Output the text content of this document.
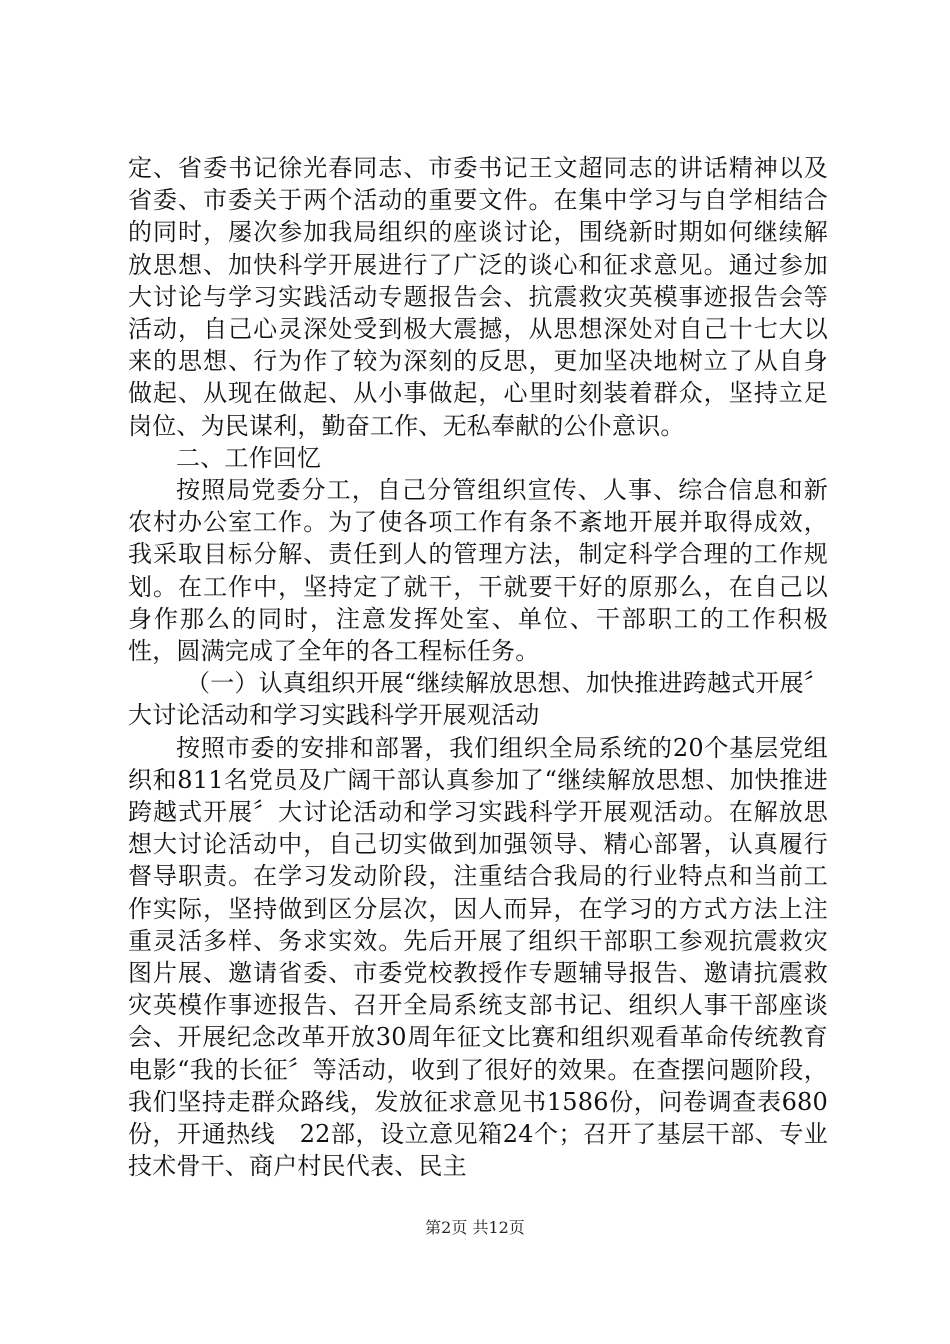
定、省委书记徐光春同志、市委书记王文超同志的讲话精神以及省委、市委关于两个活动的重要文件。在集中学习与自学相结合的同时，屡次参加我局组织的座谈讨论，围绕新时期如何继续解放思想、加快科学开展进行了广泛的谈心和征求意见。通过参加大讨论与学习实践活动专题报告会、抗震救灾英模事迹报告会等活动，自己心灵深处受到极大震撼，从思想深处对自己十七大以来的思想、行为作了较为深刻的反思，更加坚决地树立了从自身做起、从现在做起、从小事做起，心里时刻装着群众，坚持立足岗位、为民谋利，勤奋工作、无私奉献的公仆意识。

二、工作回忆

按照局党委分工，自己分管组织宣传、人事、综合信息和新农村办公室工作。为了使各项工作有条不紊地开展并取得成效，我采取目标分解、责任到人的管理方法，制定科学合理的工作规划。在工作中，坚持定了就干，干就要干好的原那么，在自己以身作那么的同时，注意发挥处室、单位、干部职工的工作积极性，圆满完成了全年的各工程标任务。

（一）认真组织开展“继续解放思想、加快推进跨越式开展〞大讨论活动和学习实践科学开展观活动

按照市委的安排和部署，我们组织全局系统的20个基层党组织和811名党员及广阔干部认真参加了“继续解放思想、加快推进跨越式开展〞大讨论活动和学习实践科学开展观活动。在解放思想大讨论活动中，自己切实做到加强领导、精心部署，认真履行督导职责。在学习发动阶段，注重结合我局的行业特点和当前工作实际，坚持做到区分层次，因人而异，在学习的方式方法上注重灵活多样、务求实效。先后开展了组织干部职工参观抗震救灾图片展、邀请省委、市委党校教授作专题辅导报告、邀请抗震救灾英模作事迹报告、召开全局系统支部书记、组织人事干部座谈会、开展纪念改革开放30周年征文比赛和组织观看革命传统教育电影“我的长征〞等活动，收到了很好的效果。在查摆问题阶段，我们坚持走群众路线，发放征求意见书1586份，问卷调查表680份，开通热线　22部，设立意见箱24个；召开了基层干部、专业技术骨干、商户村民代表、民主

第2页 共12页
